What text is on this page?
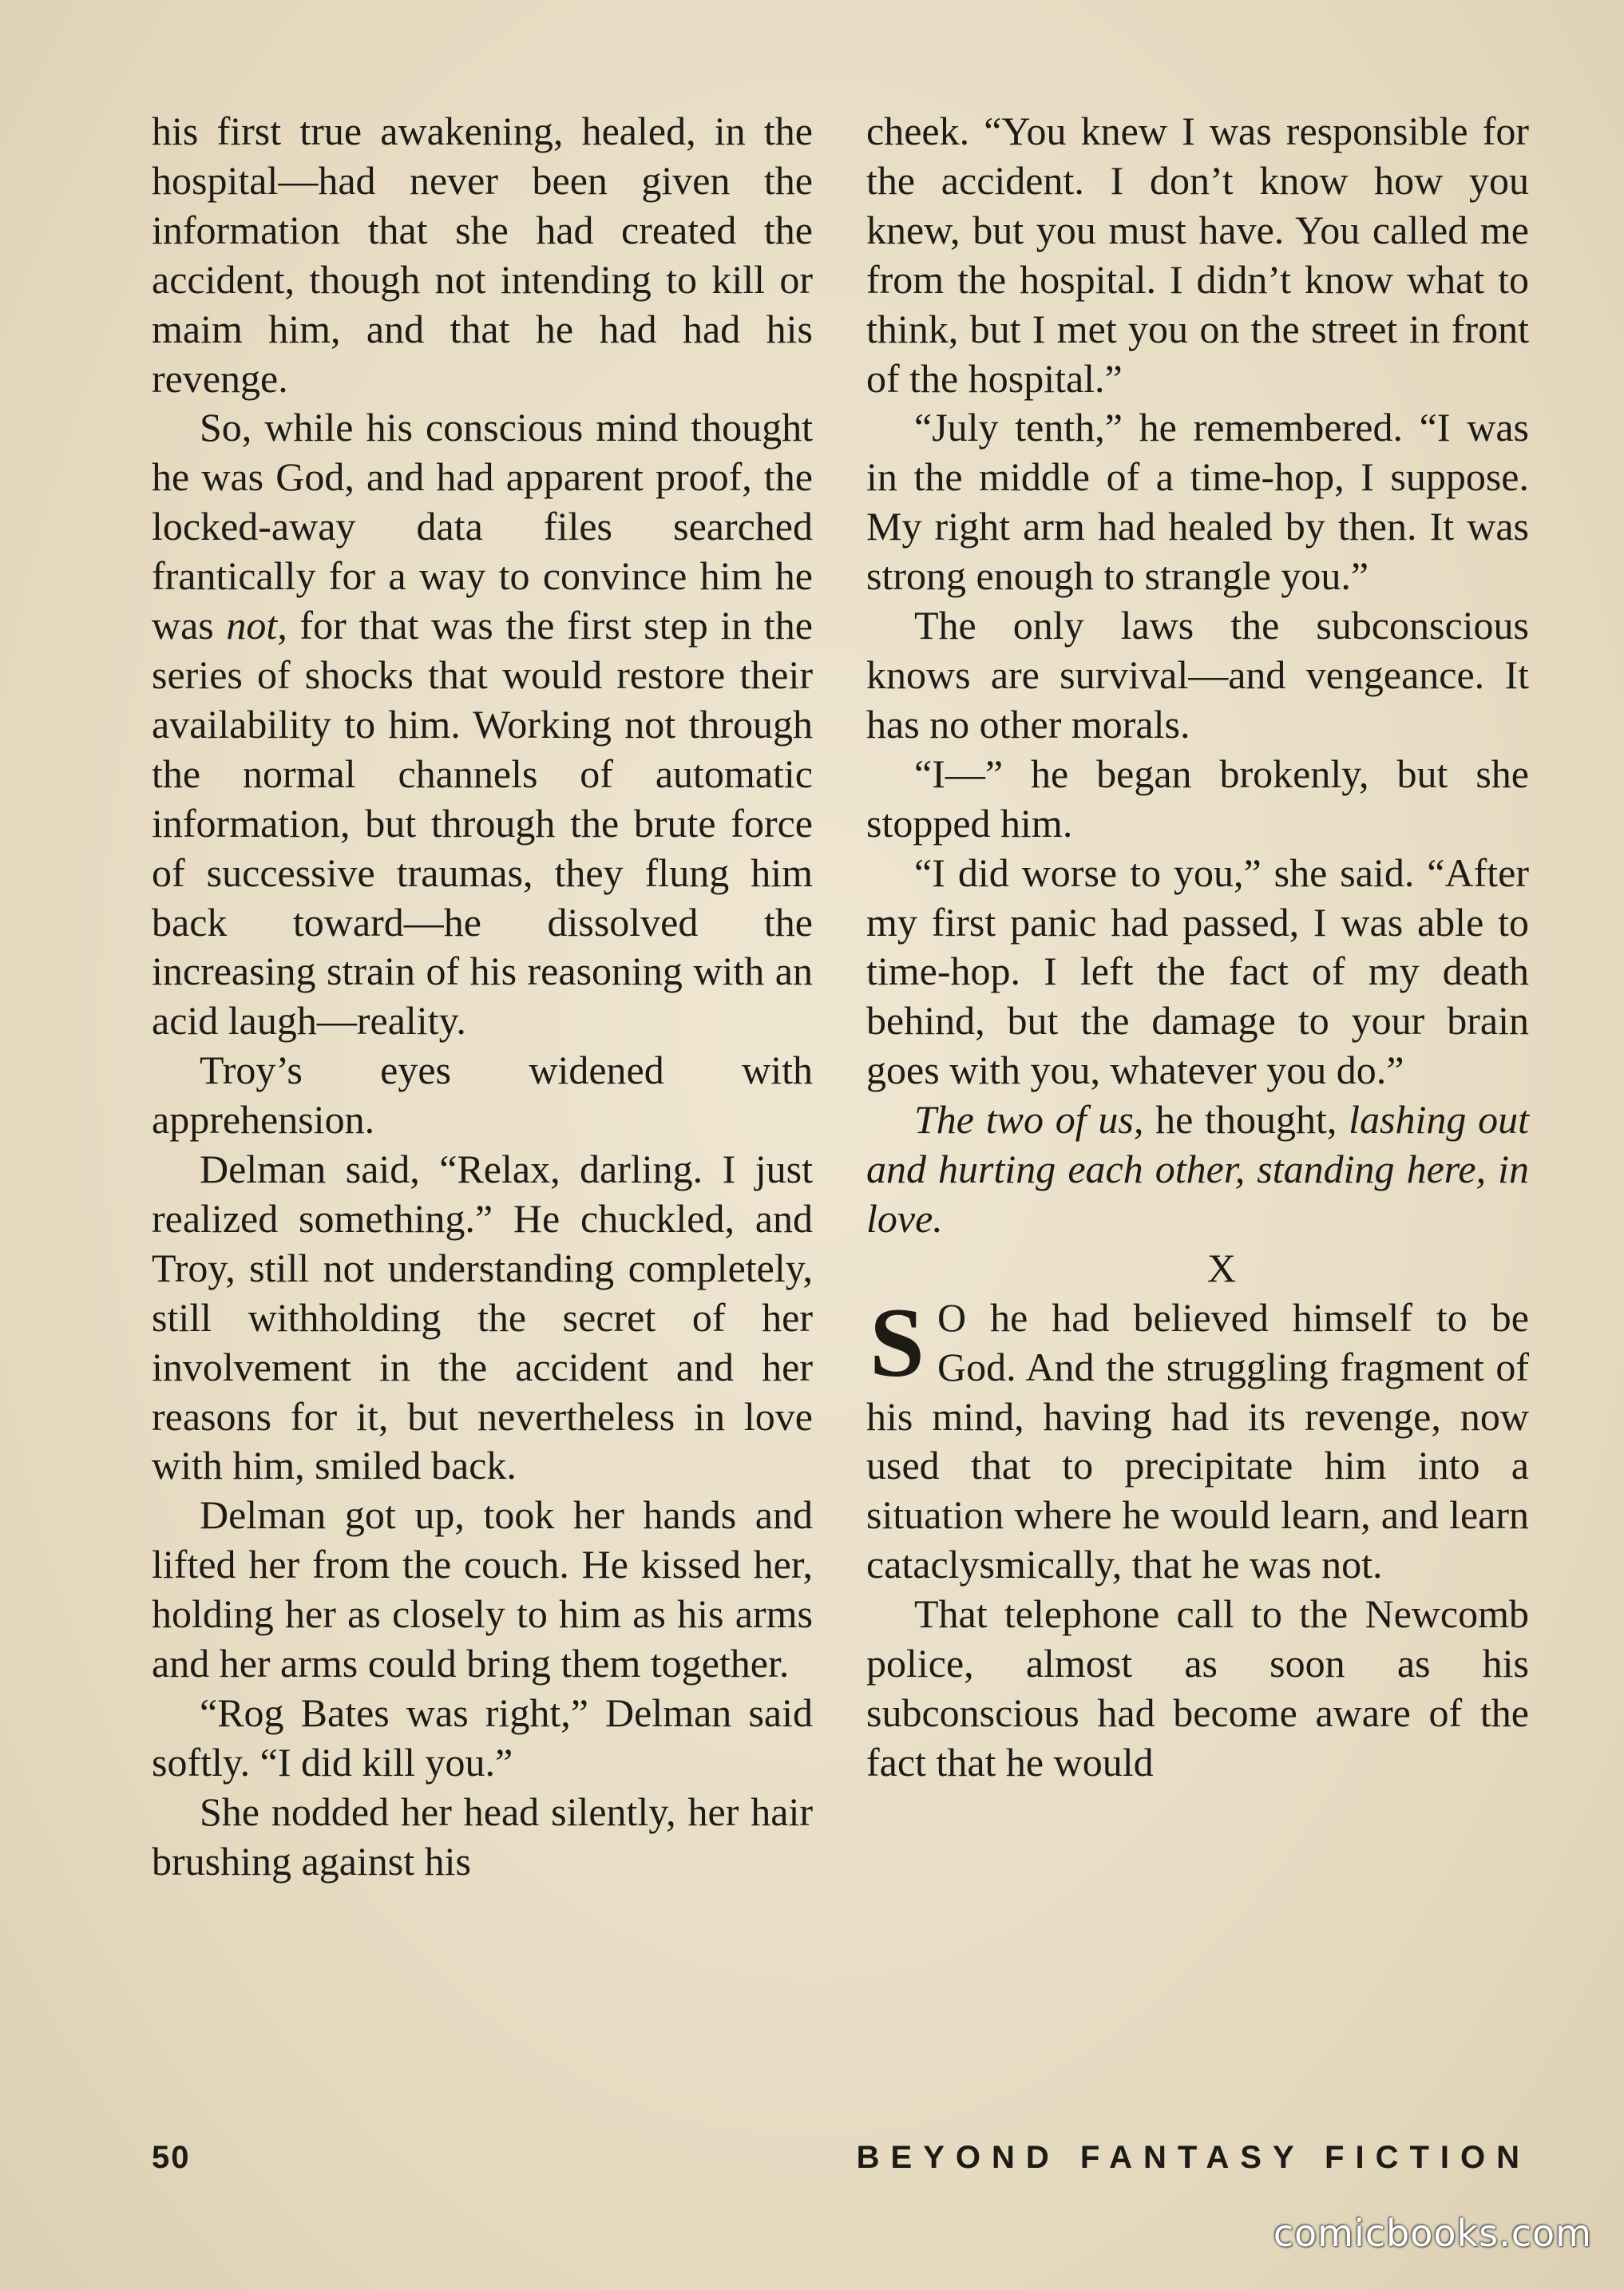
his first true awakening, healed, in the hospital—had never been given the information that she had created the accident, though not intending to kill or maim him, and that he had had his revenge.

So, while his conscious mind thought he was God, and had apparent proof, the locked-away data files searched frantically for a way to convince him he was not, for that was the first step in the series of shocks that would restore their availability to him. Working not through the normal channels of automatic information, but through the brute force of successive traumas, they flung him back toward—he dissolved the increasing strain of his reasoning with an acid laugh—reality.

Troy’s eyes widened with apprehension.

Delman said, “Relax, darling. I just realized something.” He chuckled, and Troy, still not understanding completely, still withholding the secret of her involvement in the accident and her reasons for it, but nevertheless in love with him, smiled back.

Delman got up, took her hands and lifted her from the couch. He kissed her, holding her as closely to him as his arms and her arms could bring them together.

“Rog Bates was right,” Delman said softly. “I did kill you.”

She nodded her head silently, her hair brushing against his

cheek. “You knew I was responsible for the accident. I don’t know how you knew, but you must have. You called me from the hospital. I didn’t know what to think, but I met you on the street in front of the hospital.”

“July tenth,” he remembered. “I was in the middle of a time-hop, I suppose. My right arm had healed by then. It was strong enough to strangle you.”

The only laws the subconscious knows are survival—and vengeance. It has no other morals.

“I—” he began brokenly, but she stopped him.

“I did worse to you,” she said. “After my first panic had passed, I was able to time-hop. I left the fact of my death behind, but the damage to your brain goes with you, whatever you do.”

The two of us, he thought, lashing out and hurting each other, standing here, in love.

X

S O he had believed himself to be God. And the struggling fragment of his mind, having had its revenge, now used that to precipitate him into a situation where he would learn, and learn cataclysmically, that he was not.

That telephone call to the Newcomb police, almost as soon as his subconscious had become aware of the fact that he would

50	BEYOND FANTASY FICTION
comicbooks.com
